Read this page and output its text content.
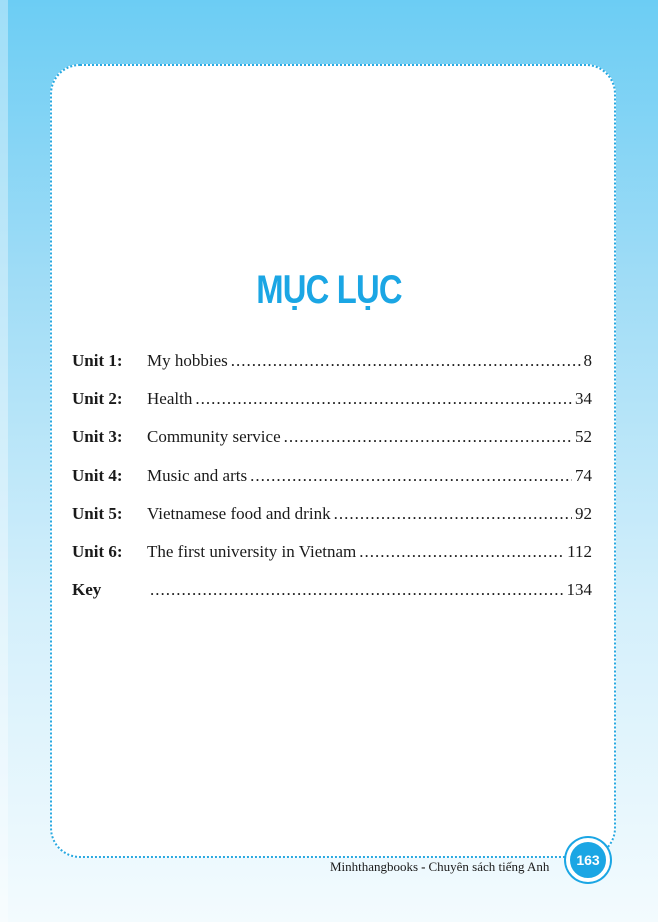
MỤC LỤC
Unit 1:	My hobbies .....	8
Unit 2:	Health .....	34
Unit 3:	Community service .....	52
Unit 4:	Music and arts .....	74
Unit 5:	Vietnamese food and drink .....	92
Unit 6:	The first university in Vietnam .....	112
Key .....	134
Minhthangbooks - Chuyên sách tiếng Anh	163
